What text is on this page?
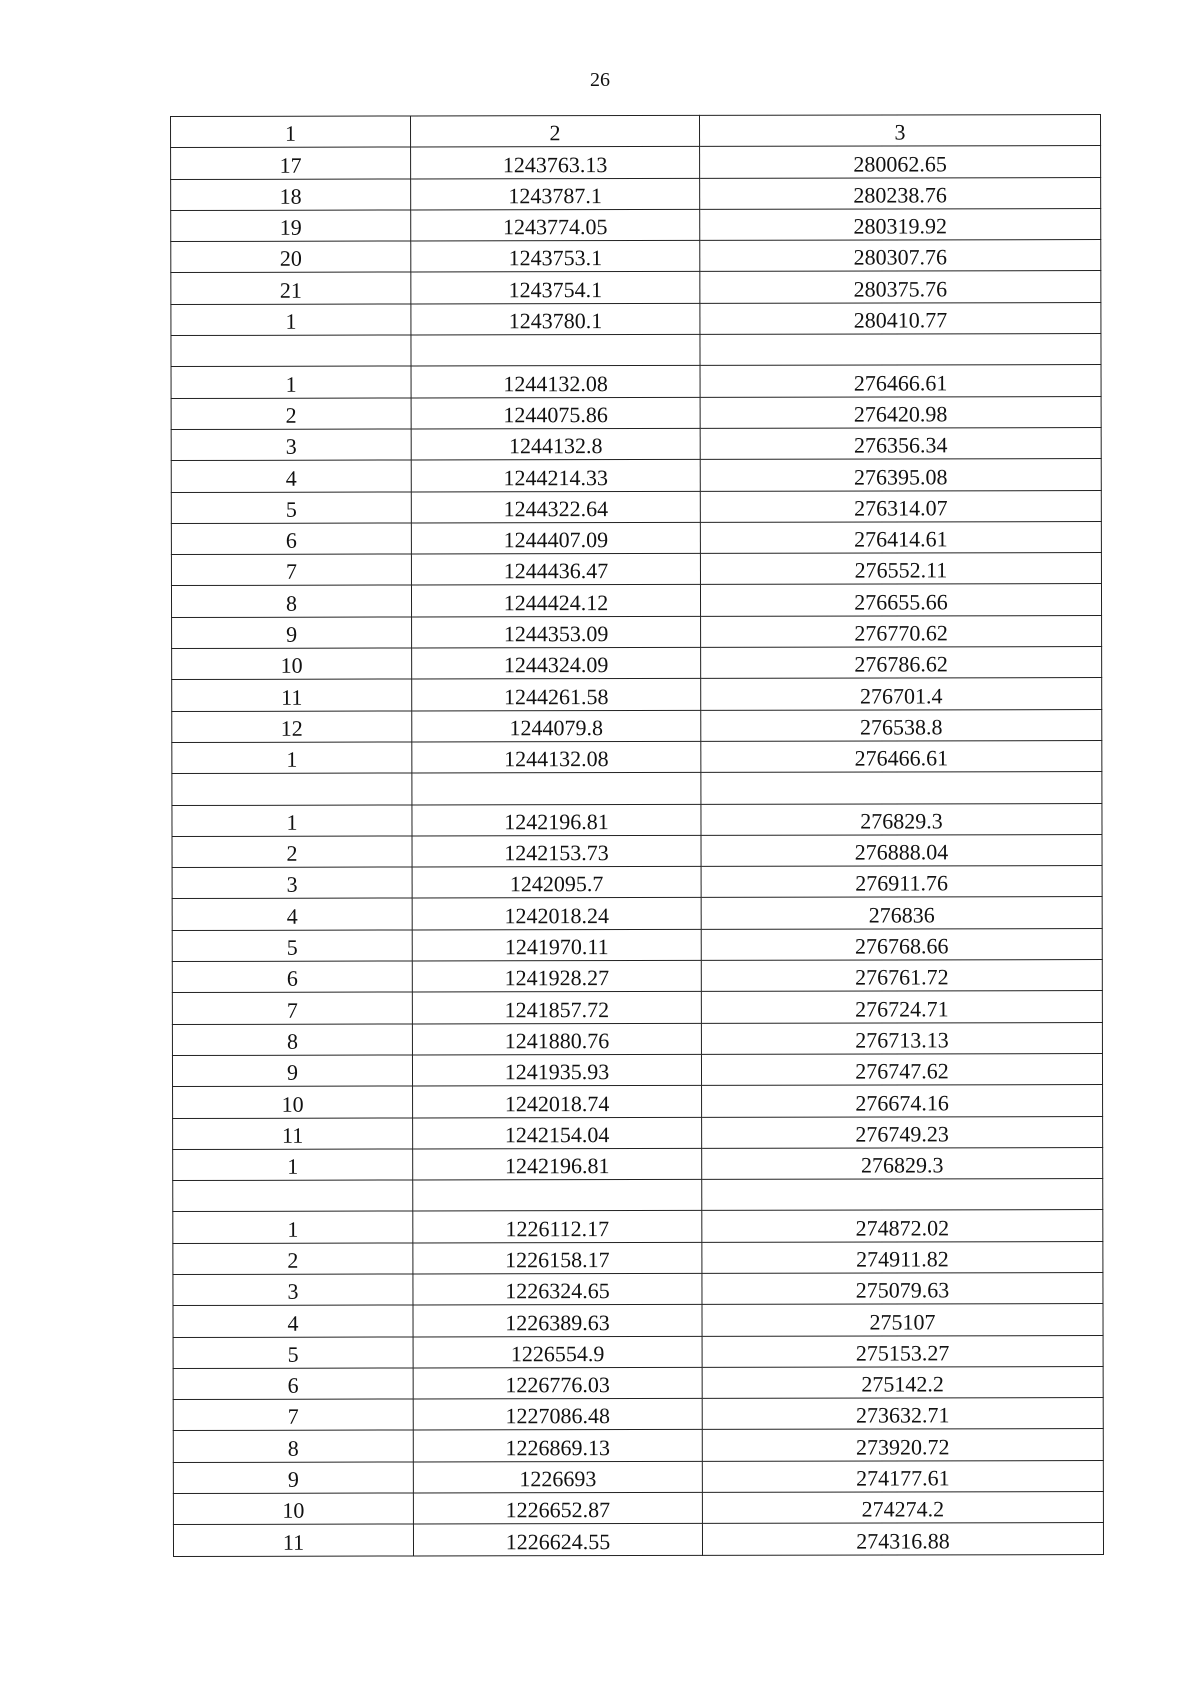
26
1	2	3
17	1243763.13	280062.65
18	1243787.1	280238.76
19	1243774.05	280319.92
20	1243753.1	280307.76
21	1243754.1	280375.76
1	1243780.1	280410.77

1	1244132.08	276466.61
2	1244075.86	276420.98
3	1244132.8	276356.34
4	1244214.33	276395.08
5	1244322.64	276314.07
6	1244407.09	276414.61
7	1244436.47	276552.11
8	1244424.12	276655.66
9	1244353.09	276770.62
10	1244324.09	276786.62
11	1244261.58	276701.4
12	1244079.8	276538.8
1	1244132.08	276466.61

1	1242196.81	276829.3
2	1242153.73	276888.04
3	1242095.7	276911.76
4	1242018.24	276836
5	1241970.11	276768.66
6	1241928.27	276761.72
7	1241857.72	276724.71
8	1241880.76	276713.13
9	1241935.93	276747.62
10	1242018.74	276674.16
11	1242154.04	276749.23
1	1242196.81	276829.3

1	1226112.17	274872.02
2	1226158.17	274911.82
3	1226324.65	275079.63
4	1226389.63	275107
5	1226554.9	275153.27
6	1226776.03	275142.2
7	1227086.48	273632.71
8	1226869.13	273920.72
9	1226693	274177.61
10	1226652.87	274274.2
11	1226624.55	274316.88
